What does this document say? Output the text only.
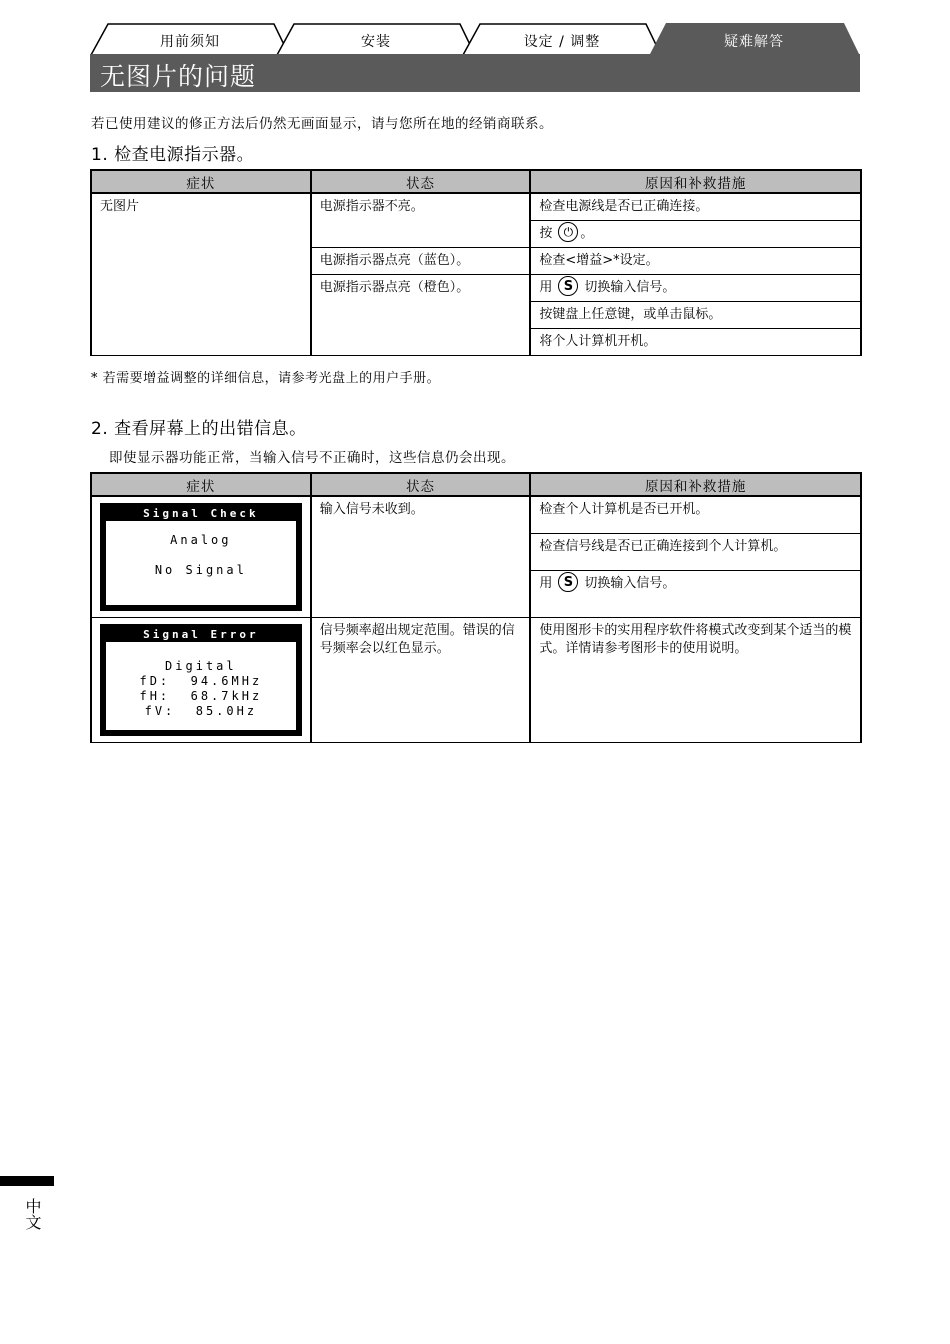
用前须知	安装	设定 / 调整	疑难解答
无图片的问题
若已使用建议的修正方法后仍然无画面显示，请与您所在地的经销商联系。
1. 检查电源指示器。
症状	状态	原因和补救措施
无图片	电源指示器不亮。	检查电源线是否已正确连接。
		按 ⏻ 。
	电源指示器点亮（蓝色）。	检查<增益>*设定。
	电源指示器点亮（橙色）。	用 S 切换输入信号。
		按键盘上任意键，或单击鼠标。
		将个人计算机开机。
* 若需要增益调整的详细信息，请参考光盘上的用户手册。
2. 查看屏幕上的出错信息。
即使显示器功能正常，当输入信号不正确时，这些信息仍会出现。
症状	状态	原因和补救措施

Signal Check
Analog
No Signal	输入信号未收到。	检查个人计算机是否已开机。
		检查信号线是否已正确连接到个人计算机。
		用 S 切换输入信号。

Signal Error
Digital
fD:  94.6MHz
fH:  68.7kHz
fV:  85.0Hz	信号频率超出规定范围。错误的信号频率会以红色显示。	使用图形卡的实用程序软件将模式改变到某个适当的模式。详情请参考图形卡的使用说明。
中文
